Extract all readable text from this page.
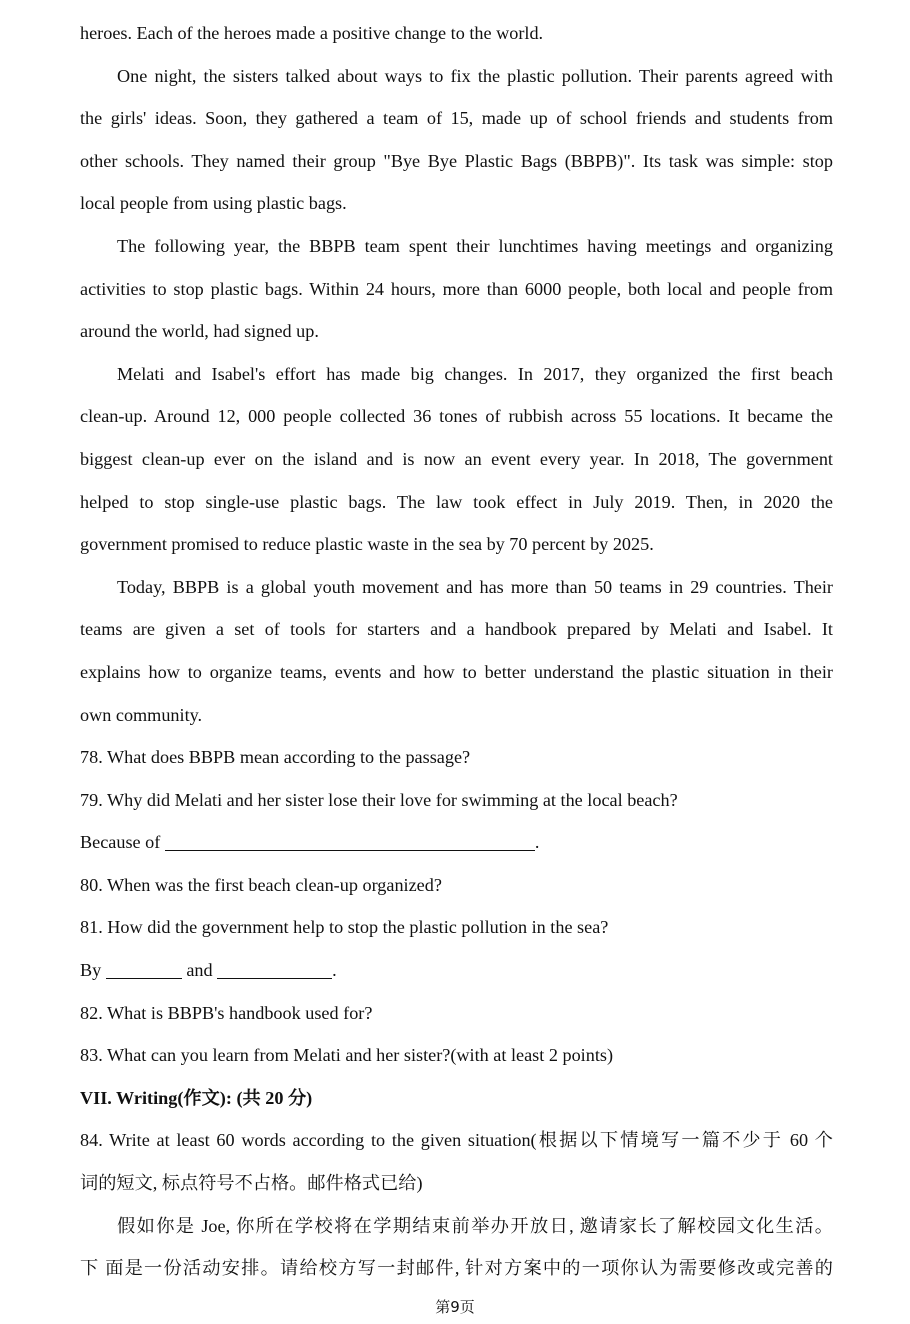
heroes. Each of the heroes made a positive change to the world.
One night, the sisters talked about ways to fix the plastic pollution. Their parents agreed with
the girls' ideas. Soon, they gathered a team of 15, made up of school friends and students from
other schools. They named their group "Bye Bye Plastic Bags (BBPB)". Its task was simple: stop
local people from using plastic bags.
The following year, the BBPB team spent their lunchtimes having meetings and organizing
activities to stop plastic bags. Within 24 hours, more than 6000 people, both local and people from
around the world, had signed up.
Melati and Isabel's effort has made big changes. In 2017, they organized the first beach
clean-up. Around 12, 000 people collected 36 tones of rubbish across 55 locations. It became the
biggest clean-up ever on the island and is now an event every year. In 2018, The government
helped to stop single-use plastic bags. The law took effect in July 2019. Then, in 2020 the
government promised to reduce plastic waste in the sea by 70 percent by 2025.
Today, BBPB is a global youth movement and has more than 50 teams in 29 countries. Their
teams are given a set of tools for starters and a handbook prepared by Melati and Isabel. It
explains how to organize teams, events and how to better understand the plastic situation in their
own community.
78. What does BBPB mean according to the passage?
79. Why did Melati and her sister lose their love for swimming at the local beach?
Because of	.
80. When was the first beach clean-up organized?
81. How did the government help to stop the plastic pollution in the sea?
By	and	.
82. What is BBPB's handbook used for?
83. What can you learn from Melati and her sister?(with at least 2 points)
VII. Writing(作文): (共 20 分)
84. Write at least 60 words according to the given situation(根据以下情境写一篇不少于 60 个
词的短文, 标点符号不占格。邮件格式已给)
假如你是 Joe, 你所在学校将在学期结束前举办开放日, 邀请家长了解校园文化生活。
下 面是一份活动安排。请给校方写一封邮件, 针对方案中的一项你认为需要修改或完善的
第9页
